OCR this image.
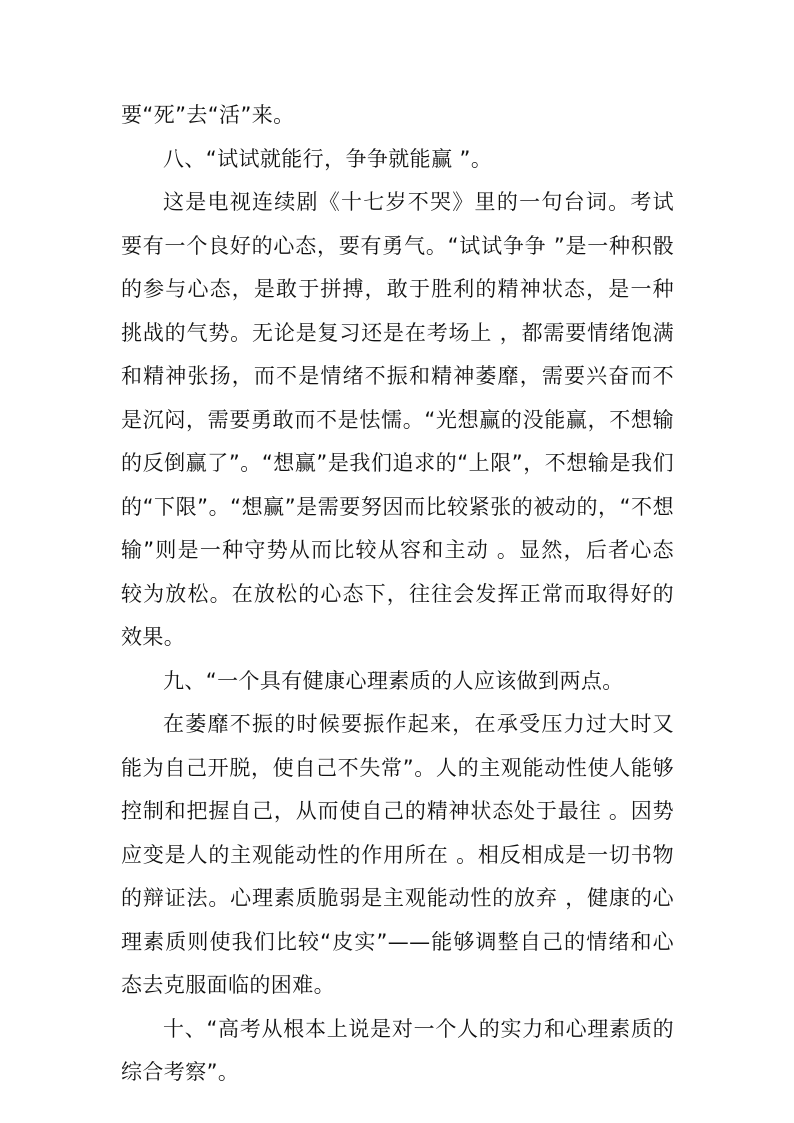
要“死”去“活”来。

八、“试试就能行，争争就能赢 ”。

这是电视连续剧《十七岁不哭》里的一句台词。考试要有一个良好的心态，要有勇气。“试试争争 ”是一种积骰的参与心态，是敢于拼搏，敢于胜利的精神状态，是一种挑战的气势。无论是复习还是在考场上 ，都需要情绪饱满和精神张扬，而不是情绪不振和精神萎靡，需要兴奋而不是沉闷，需要勇敢而不是怯懦。“光想赢的没能赢，不想输的反倒赢了”。“想赢”是我们追求的“上限”，不想输是我们的“下限”。“想赢”是需要努因而比较紧张的被动的，“不想输”则是一种守势从而比较从容和主动 。显然，后者心态较为放松。在放松的心态下，往往会发挥正常而取得好的效果。

九、“一个具有健康心理素质的人应该做到两点。

在萎靡不振的时候要振作起来，在承受压力过大时又能为自己开脱，使自己不失常”。人的主观能动性使人能够控制和把握自己，从而使自己的精神状态处于最往 。因势应变是人的主观能动性的作用所在 。相反相成是一切书物的辩证法。心理素质脆弱是主观能动性的放弃 ，健康的心理素质则使我们比较“皮实”——能够调整自己的情绪和心态去克服面临的困难。

十、“高考从根本上说是对一个人的实力和心理素质的综合考察”。
